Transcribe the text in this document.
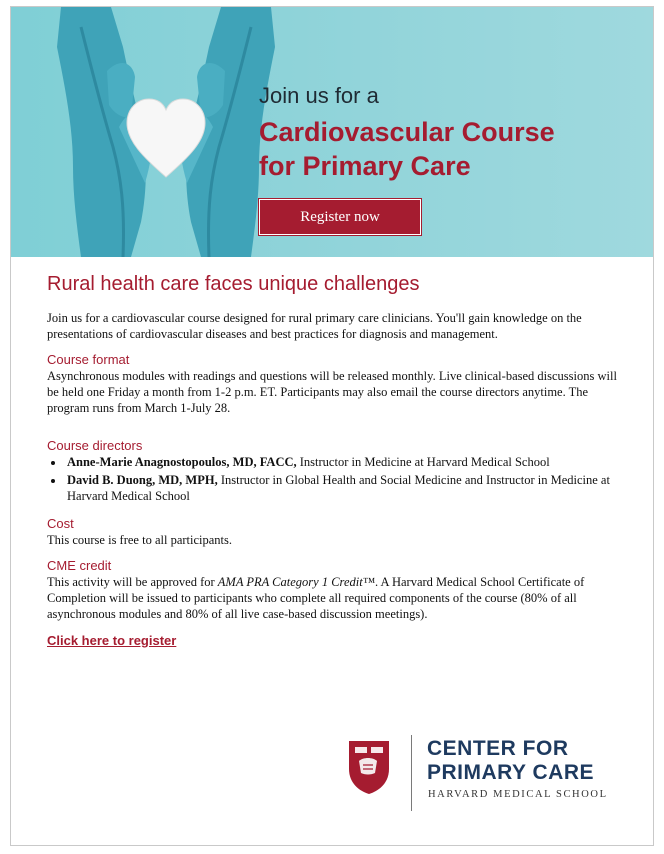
Join us for a

Cardiovascular Course

for Primary Care

Register now
Rural health care faces unique challenges

Join us for a cardiovascular course designed for rural primary care clinicians. You'll gain knowledge on the presentations of cardiovascular diseases and best practices for diagnosis and management.

Course format

Asynchronous modules with readings and questions will be released monthly. Live clinical-based discussions will be held one Friday a month from 1-2 p.m. ET. Participants may also email the course directors anytime. The program runs from March 1-July 28.

Course directors

• Anne-Marie Anagnostopoulos, MD, FACC, Instructor in Medicine at Harvard Medical School
• David B. Duong, MD, MPH, Instructor in Global Health and Social Medicine and Instructor in Medicine at Harvard Medical School

Cost

This course is free to all participants.

CME credit

This activity will be approved for AMA PRA Category 1 Credit™. A Harvard Medical School Certificate of Completion will be issued to participants who complete all required components of the course (80% of all asynchronous modules and 80% of all live case-based discussion meetings).

Click here to register
CENTER FOR
PRIMARY CARE
HARVARD MEDICAL SCHOOL
